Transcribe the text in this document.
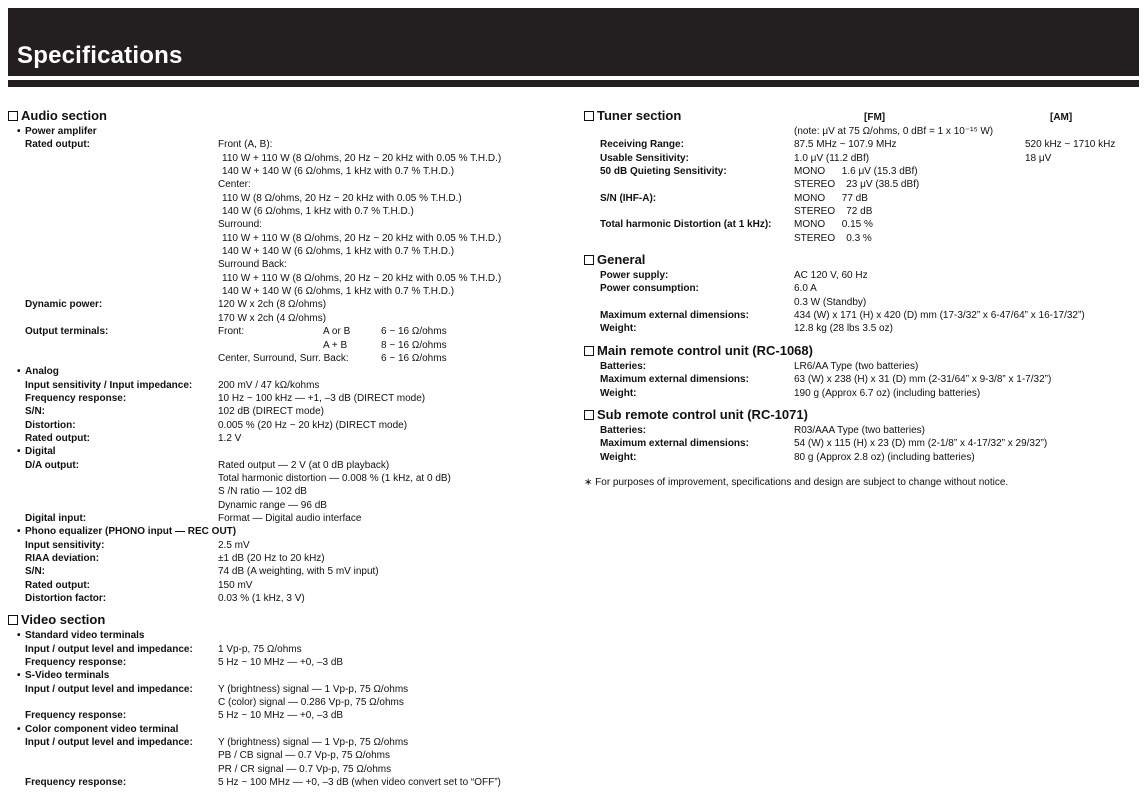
Specifications
Audio section
• Power amplifer
Rated output:	Front (A, B):
110 W + 110 W (8 Ω/ohms, 20 Hz ~ 20 kHz with 0.05 % T.H.D.)
140 W + 140 W (6 Ω/ohms, 1 kHz with 0.7 % T.H.D.)
Center:
110 W (8 Ω/ohms, 20 Hz ~ 20 kHz with 0.05 % T.H.D.)
140 W (6 Ω/ohms, 1 kHz with 0.7 % T.H.D.)
Surround:
110 W + 110 W (8 Ω/ohms, 20 Hz ~ 20 kHz with 0.05 % T.H.D.)
140 W + 140 W (6 Ω/ohms, 1 kHz with 0.7 % T.H.D.)
Surround Back:
110 W + 110 W (8 Ω/ohms, 20 Hz ~ 20 kHz with 0.05 % T.H.D.)
140 W + 140 W (6 Ω/ohms, 1 kHz with 0.7 % T.H.D.)
Dynamic power:	120 W x 2ch (8 Ω/ohms)
170 W x 2ch (4 Ω/ohms)
Output terminals:	Front:	A or B	6 ~ 16 Ω/ohms
A + B	8 ~ 16 Ω/ohms
Center, Surround, Surr. Back:	6 ~ 16 Ω/ohms
• Analog
Input sensitivity / Input impedance:	200 mV / 47 kΩ/kohms
Frequency response:	10 Hz ~ 100 kHz — +1, –3 dB (DIRECT mode)
S/N:	102 dB (DIRECT mode)
Distortion:	0.005 % (20 Hz ~ 20 kHz) (DIRECT mode)
Rated output:	1.2 V
• Digital
D/A output:	Rated output — 2 V (at 0 dB playback)
Total harmonic distortion — 0.008 % (1 kHz, at 0 dB)
S /N ratio — 102 dB
Dynamic range — 96 dB
Digital input:	Format — Digital audio interface
• Phono equalizer (PHONO input — REC OUT)
Input sensitivity:	2.5 mV
RIAA deviation:	±1 dB (20 Hz to 20 kHz)
S/N:	74 dB (A weighting, with 5 mV input)
Rated output:	150 mV
Distortion factor:	0.03 % (1 kHz, 3 V)
Video section
• Standard video terminals
Input / output level and impedance:	1 Vp-p, 75 Ω/ohms
Frequency response:	5 Hz ~ 10 MHz — +0, –3 dB
• S-Video terminals
Input / output level and impedance:	Y (brightness) signal — 1 Vp-p, 75 Ω/ohms
C (color) signal — 0.286 Vp-p, 75 Ω/ohms
Frequency response:	5 Hz ~ 10 MHz — +0, –3 dB
• Color component video terminal
Input / output level and impedance:	Y (brightness) signal — 1 Vp-p, 75 Ω/ohms
PB / CB signal — 0.7 Vp-p, 75 Ω/ohms
PR / CR signal — 0.7 Vp-p, 75 Ω/ohms
Frequency response:	5 Hz ~ 100 MHz — +0, –3 dB (when video convert set to “OFF”)
Tuner section	[FM]	[AM]
(note: μV at 75 Ω/ohms, 0 dBf = 1 x 10⁻¹⁵ W)
Receiving Range:	87.5 MHz ~ 107.9 MHz	520 kHz ~ 1710 kHz
Usable Sensitivity:	1.0 μV (11.2 dBf)	18 μV
50 dB Quieting Sensitivity:	MONO      1.6 μV (15.3 dBf)
STEREO    23 μV (38.5 dBf)
S/N (IHF-A):	MONO      77 dB
STEREO    72 dB
Total harmonic Distortion (at 1 kHz): MONO      0.15 %
STEREO    0.3 %
General
Power supply:	AC 120 V, 60 Hz
Power consumption:	6.0 A
0.3 W (Standby)
Maximum external dimensions:	434 (W) x 171 (H) x 420 (D) mm (17-3/32” x 6-47/64” x 16-17/32”)
Weight:	12.8 kg (28 lbs 3.5 oz)
Main remote control unit (RC-1068)
Batteries:	LR6/AA Type (two batteries)
Maximum external dimensions:	63 (W) x 238 (H) x 31 (D) mm (2-31/64” x 9-3/8” x 1-7/32”)
Weight:	190 g (Approx 6.7 oz) (including batteries)
Sub remote control unit (RC-1071)
Batteries:	R03/AAA Type (two batteries)
Maximum external dimensions:	54 (W) x 115 (H) x 23 (D) mm (2-1/8” x 4-17/32” x 29/32”)
Weight:	80 g (Approx 2.8 oz) (including batteries)
∗ For purposes of improvement, specifications and design are subject to change without notice.
